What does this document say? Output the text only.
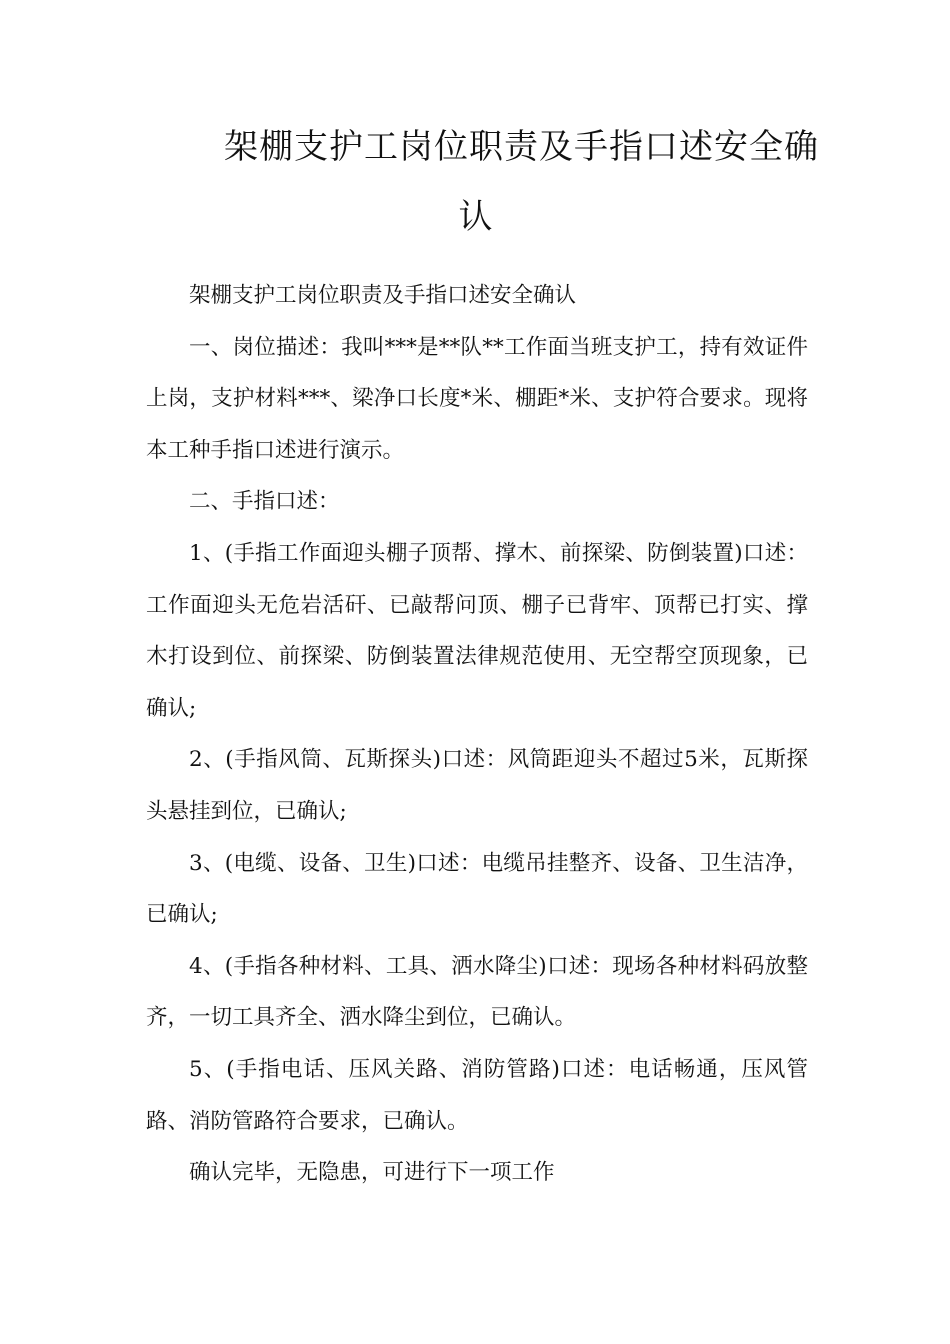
架棚支护工岗位职责及手指口述安全确
认

架棚支护工岗位职责及手指口述安全确认

一、岗位描述：我叫***是**队**工作面当班支护工，持有效证件上岗，支护材料***、梁净口长度*米、棚距*米、支护符合要求。现将本工种手指口述进行演示。

二、手指口述：

1、(手指工作面迎头棚子顶帮、撑木、前探梁、防倒装置)口述：工作面迎头无危岩活矸、已敲帮问顶、棚子已背牢、顶帮已打实、撑木打设到位、前探梁、防倒装置法律规范使用、无空帮空顶现象，已确认;

2、(手指风筒、瓦斯探头)口述：风筒距迎头不超过5米，瓦斯探头悬挂到位，已确认;

3、(电缆、设备、卫生)口述：电缆吊挂整齐、设备、卫生洁净，已确认;

4、(手指各种材料、工具、洒水降尘)口述：现场各种材料码放整齐，一切工具齐全、洒水降尘到位，已确认。

5、(手指电话、压风关路、消防管路)口述：电话畅通，压风管路、消防管路符合要求，已确认。

确认完毕，无隐患，可进行下一项工作
